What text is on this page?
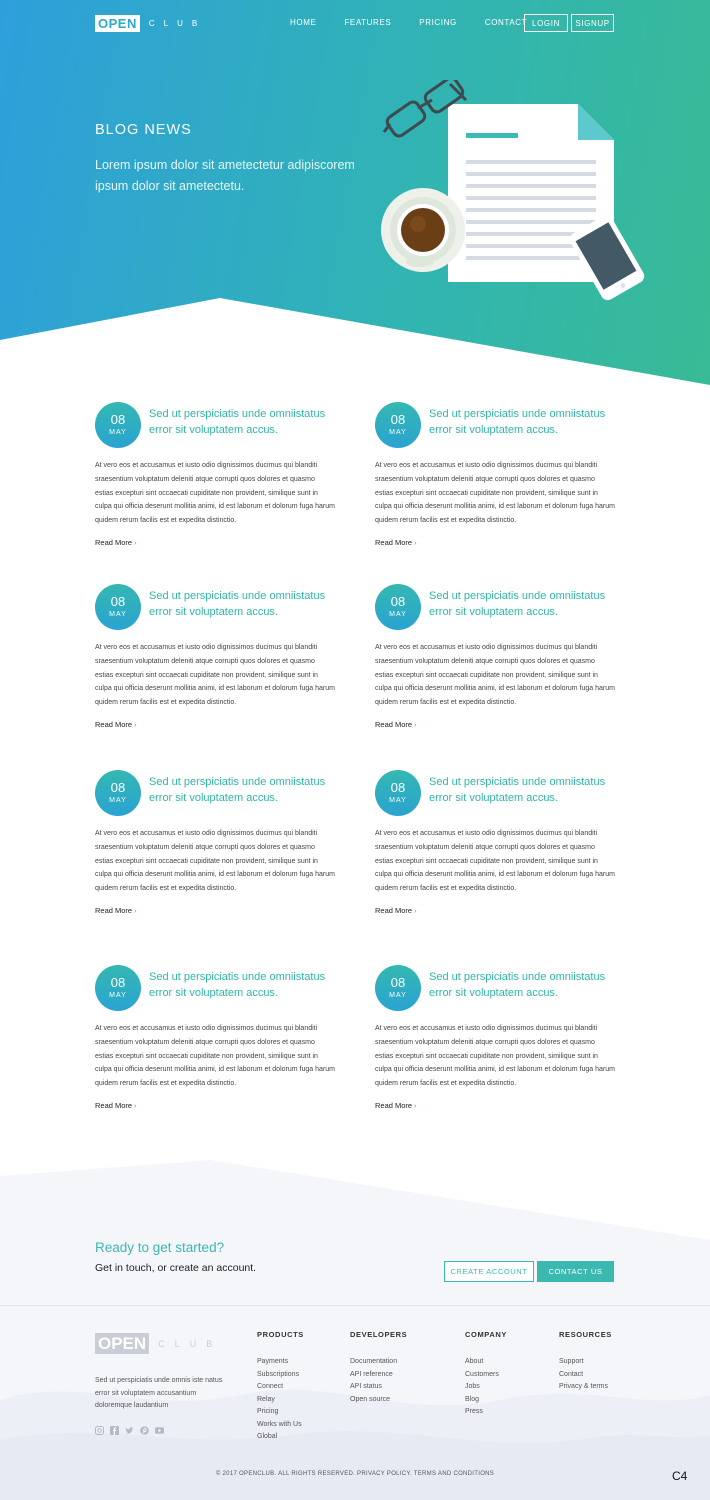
OPEN	CLUB	HOME	FEATURES	PRICING	CONTACT LOGIN	SIGNUP
BLOG NEWS
Lorem ipsum dolor sit ametectetur adipiscorem ipsum dolor sit ametectetu.
08
MAY
Sed ut perspiciatis unde omniistatus error sit voluptatem accus.
At vero eos et accusamus et iusto odio dignissimos ducimus qui blanditi sraesentium voluptatum deleniti atque corrupti quos dolores et quasmo estias excepturi sint occaecati cupiditate non provident, similique sunt in culpa qui officia deserunt mollitia animi, id est laborum et dolorum fuga harum quidem rerum facilis est et expedita distinctio.
Read More ›
08
MAY
Sed ut perspiciatis unde omniistatus error sit voluptatem accus.
At vero eos et accusamus et iusto odio dignissimos ducimus qui blanditi sraesentium voluptatum deleniti atque corrupti quos dolores et quasmo estias excepturi sint occaecati cupiditate non provident, similique sunt in culpa qui officia deserunt mollitia animi, id est laborum et dolorum fuga harum quidem rerum facilis est et expedita distinctio.
Read More ›
08
MAY
Sed ut perspiciatis unde omniistatus error sit voluptatem accus.
At vero eos et accusamus et iusto odio dignissimos ducimus qui blanditi sraesentium voluptatum deleniti atque corrupti quos dolores et quasmo estias excepturi sint occaecati cupiditate non provident, similique sunt in culpa qui officia deserunt mollitia animi, id est laborum et dolorum fuga harum quidem rerum facilis est et expedita distinctio.
Read More ›
08
MAY
Sed ut perspiciatis unde omniistatus error sit voluptatem accus.
At vero eos et accusamus et iusto odio dignissimos ducimus qui blanditi sraesentium voluptatum deleniti atque corrupti quos dolores et quasmo estias excepturi sint occaecati cupiditate non provident, similique sunt in culpa qui officia deserunt mollitia animi, id est laborum et dolorum fuga harum quidem rerum facilis est et expedita distinctio.
Read More ›
08
MAY
Sed ut perspiciatis unde omniistatus error sit voluptatem accus.
At vero eos et accusamus et iusto odio dignissimos ducimus qui blanditi sraesentium voluptatum deleniti atque corrupti quos dolores et quasmo estias excepturi sint occaecati cupiditate non provident, similique sunt in culpa qui officia deserunt mollitia animi, id est laborum et dolorum fuga harum quidem rerum facilis est et expedita distinctio.
Read More ›
08
MAY
Sed ut perspiciatis unde omniistatus error sit voluptatem accus.
At vero eos et accusamus et iusto odio dignissimos ducimus qui blanditi sraesentium voluptatum deleniti atque corrupti quos dolores et quasmo estias excepturi sint occaecati cupiditate non provident, similique sunt in culpa qui officia deserunt mollitia animi, id est laborum et dolorum fuga harum quidem rerum facilis est et expedita distinctio.
Read More ›
08
MAY
Sed ut perspiciatis unde omniistatus error sit voluptatem accus.
At vero eos et accusamus et iusto odio dignissimos ducimus qui blanditi sraesentium voluptatum deleniti atque corrupti quos dolores et quasmo estias excepturi sint occaecati cupiditate non provident, similique sunt in culpa qui officia deserunt mollitia animi, id est laborum et dolorum fuga harum quidem rerum facilis est et expedita distinctio.
Read More ›
08
MAY
Sed ut perspiciatis unde omniistatus error sit voluptatem accus.
At vero eos et accusamus et iusto odio dignissimos ducimus qui blanditi sraesentium voluptatum deleniti atque corrupti quos dolores et quasmo estias excepturi sint occaecati cupiditate non provident, similique sunt in culpa qui officia deserunt mollitia animi, id est laborum et dolorum fuga harum quidem rerum facilis est et expedita distinctio.
Read More ›
Ready to get started?
Get in touch, or create an account.	CREATE ACCOUNT	CONTACT US
OPEN	CLUB
Sed ut perspiciatis unde omnis iste natus error sit voluptatem accusantium doloremque laudantium
PRODUCTS
Payments
Subscriptions
Connect
Relay
Pricing
Works with Us
Global
DEVELOPERS
Documentation
API reference
API status
Open source
COMPANY
About
Customers
Jobs
Blog
Press
RESOURCES
Support
Contact
Privacy & terms
© 2017 OPENCLUB. ALL RIGHTS RESERVED. PRIVACY POLICY. TERMS AND CONDITIONS	C4
